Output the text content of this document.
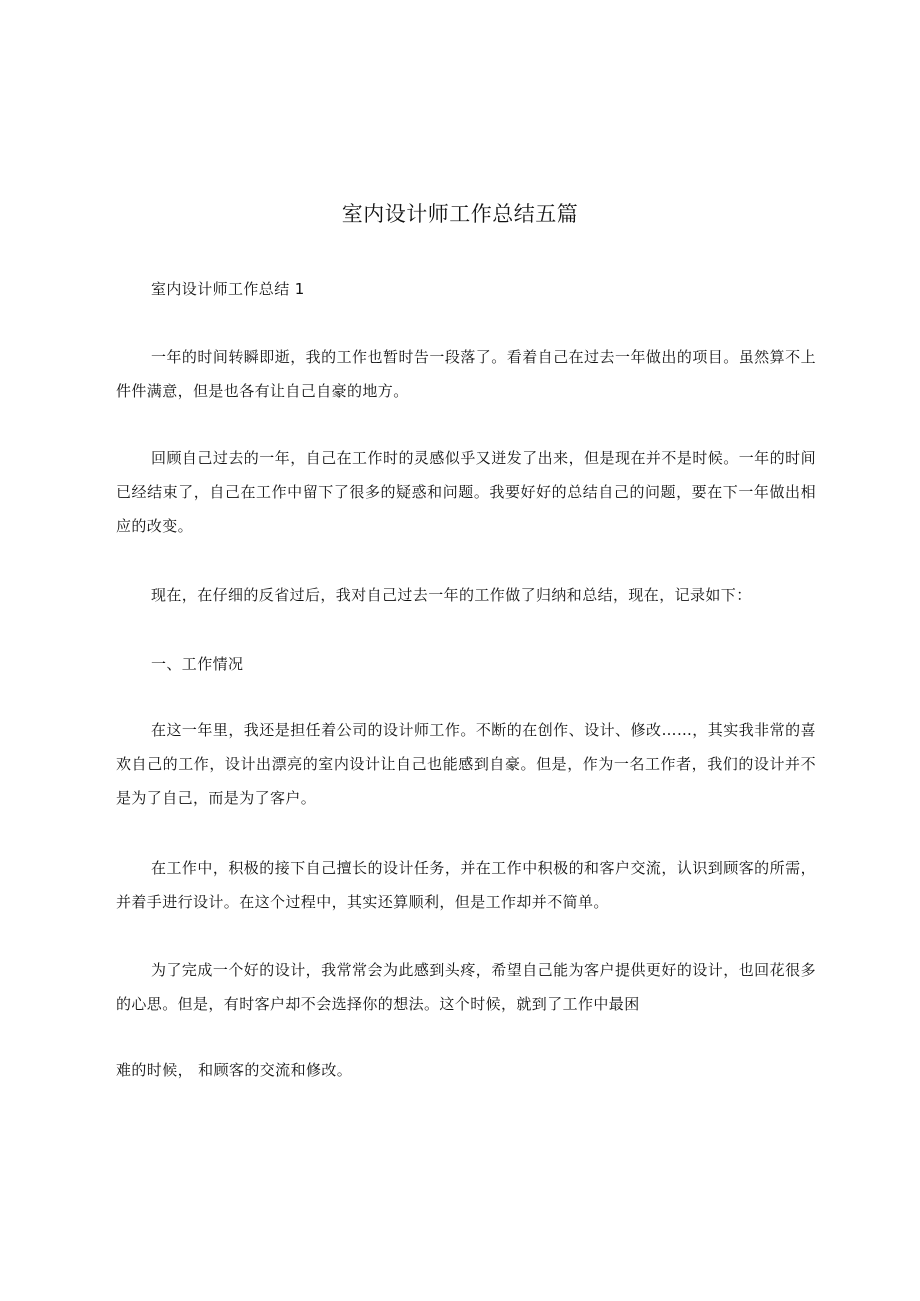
室内设计师工作总结五篇

室内设计师工作总结 1

一年的时间转瞬即逝，我的工作也暂时告一段落了。看着自己在过去一年做出的项目。虽然算不上件件满意，但是也各有让自己自豪的地方。

回顾自己过去的一年，自己在工作时的灵感似乎又迸发了出来，但是现在并不是时候。一年的时间已经结束了，自己在工作中留下了很多的疑惑和问题。我要好好的总结自己的问题，要在下一年做出相应的改变。

现在，在仔细的反省过后，我对自己过去一年的工作做了归纳和总结，现在，记录如下：

一、工作情况

在这一年里，我还是担任着公司的设计师工作。不断的在创作、设计、修改……，其实我非常的喜欢自己的工作，设计出漂亮的室内设计让自己也能感到自豪。但是，作为一名工作者，我们的设计并不是为了自己，而是为了客户。

在工作中，积极的接下自己擅长的设计任务，并在工作中积极的和客户交流，认识到顾客的所需，并着手进行设计。在这个过程中，其实还算顺利，但是工作却并不简单。

为了完成一个好的设计，我常常会为此感到头疼，希望自己能为客户提供更好的设计，也回花很多的心思。但是，有时客户却不会选择你的想法。这个时候，就到了工作中最困

难的时候， 和顾客的交流和修改。
